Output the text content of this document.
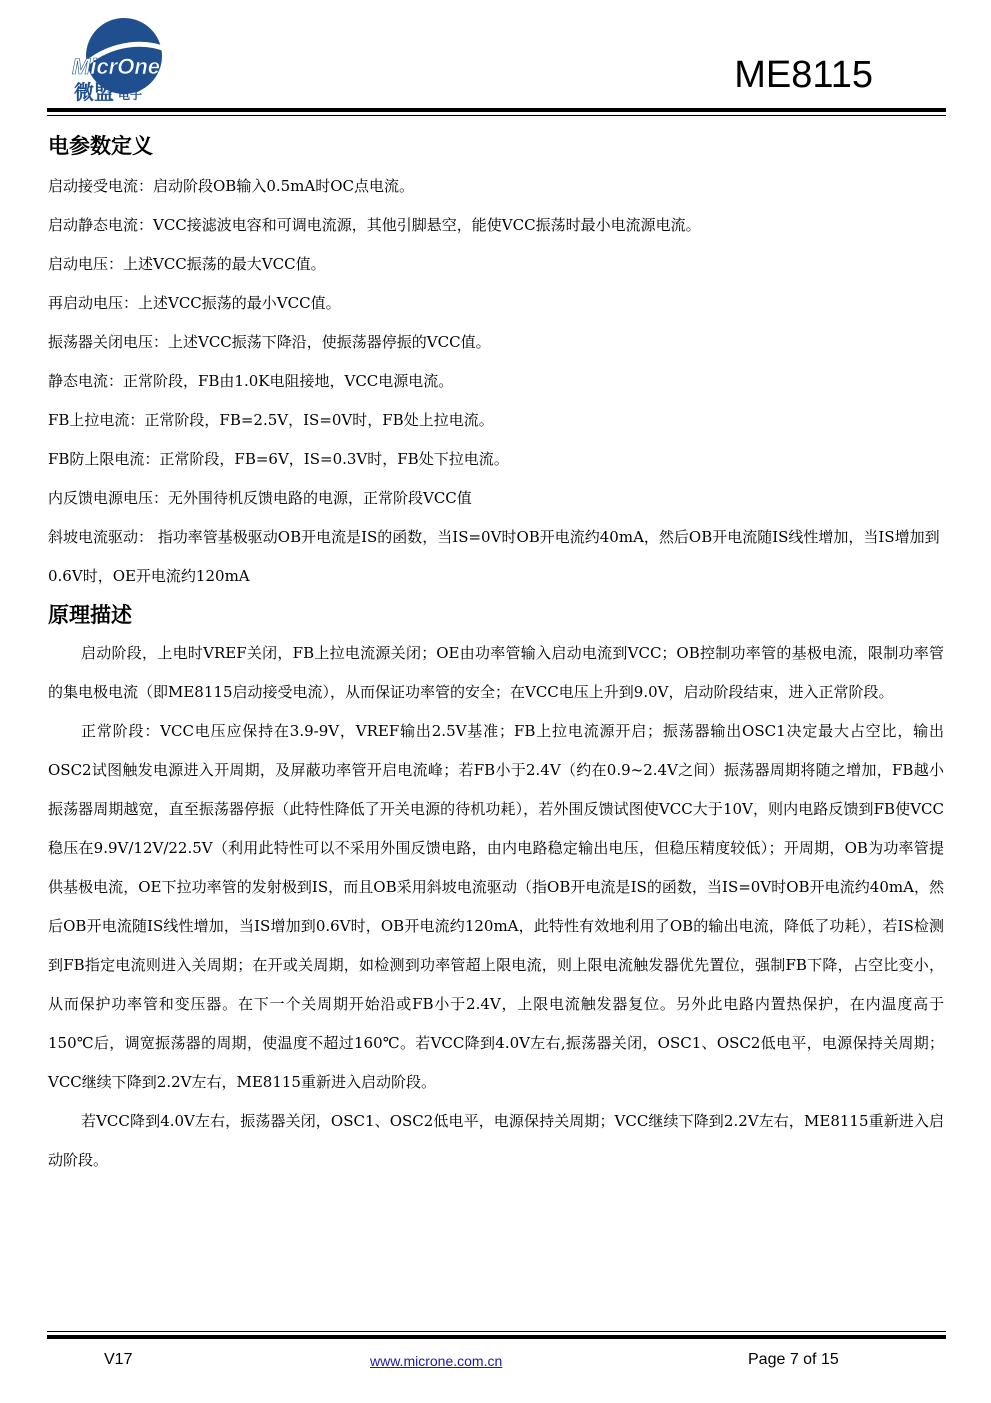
MicrOne
微盟 电子	ME8115
电参数定义
启动接受电流：启动阶段OB输入0.5mA时OC点电流。
启动静态电流：VCC接滤波电容和可调电流源，其他引脚悬空，能使VCC振荡时最小电流源电流。
启动电压：上述VCC振荡的最大VCC值。
再启动电压：上述VCC振荡的最小VCC值。
振荡器关闭电压：上述VCC振荡下降沿，使振荡器停振的VCC值。
静态电流：正常阶段，FB由1.0K电阻接地，VCC电源电流。
FB上拉电流：正常阶段，FB=2.5V，IS=0V时，FB处上拉电流。
FB防上限电流：正常阶段，FB=6V，IS=0.3V时，FB处下拉电流。
内反馈电源电压：无外围待机反馈电路的电源，正常阶段VCC值
斜坡电流驱动： 指功率管基极驱动OB开电流是IS的函数，当IS=0V时OB开电流约40mA，然后OB开电流随IS线性增加，当IS增加到0.6V时，OE开电流约120mA
原理描述

启动阶段，上电时VREF关闭，FB上拉电流源关闭；OE由功率管输入启动电流到VCC；OB控制功率管的基极电流，限制功率管的集电极电流（即ME8115启动接受电流），从而保证功率管的安全；在VCC电压上升到9.0V，启动阶段结束，进入正常阶段。

正常阶段：VCC电压应保持在3.9-9V，VREF输出2.5V基准；FB上拉电流源开启；振荡器输出OSC1决定最大占空比，输出OSC2试图触发电源进入开周期，及屏蔽功率管开启电流峰；若FB小于2.4V（约在0.9~2.4V之间）振荡器周期将随之增加，FB越小振荡器周期越宽，直至振荡器停振（此特性降低了开关电源的待机功耗），若外围反馈试图使VCC大于10V，则内电路反馈到FB使VCC稳压在9.9V/12V/22.5V（利用此特性可以不采用外围反馈电路，由内电路稳定输出电压，但稳压精度较低）；开周期，OB为功率管提供基极电流，OE下拉功率管的发射极到IS，而且OB采用斜坡电流驱动（指OB开电流是IS的函数，当IS=0V时OB开电流约40mA，然后OB开电流随IS线性增加，当IS增加到0.6V时，OB开电流约120mA，此特性有效地利用了OB的输出电流，降低了功耗），若IS检测到FB指定电流则进入关周期；在开或关周期，如检测到功率管超上限电流，则上限电流触发器优先置位，强制FB下降，占空比变小，从而保护功率管和变压器。在下一个关周期开始沿或FB小于2.4V，上限电流触发器复位。另外此电路内置热保护，在内温度高于150℃后，调宽振荡器的周期，使温度不超过160℃。若VCC降到4.0V左右,振荡器关闭，OSC1、OSC2低电平，电源保持关周期；VCC继续下降到2.2V左右，ME8115重新进入启动阶段。

若VCC降到4.0V左右，振荡器关闭，OSC1、OSC2低电平，电源保持关周期；VCC继续下降到2.2V左右，ME8115重新进入启动阶段。

V17	www.microne.com.cn	Page 7 of 15
